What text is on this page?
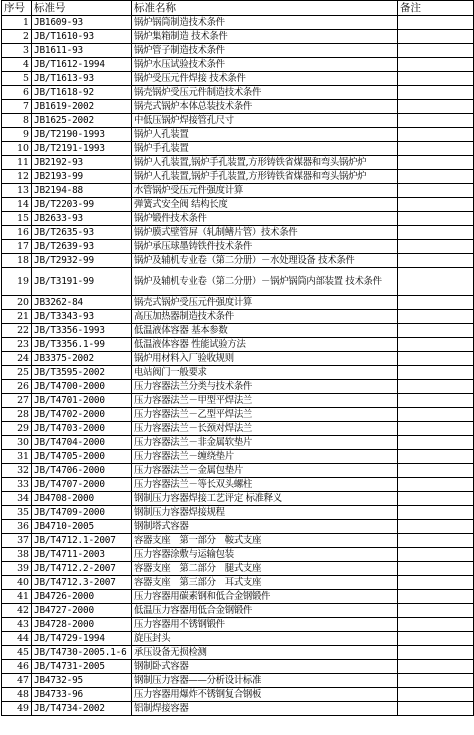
序号	标准号	标准名称	备注
1	JB1609-93	锅炉锅筒制造技术条件	
2	JB/T1610-93	锅炉集箱制造 技术条件	
3	JB1611-93	锅炉管子制造技术条件	
4	JB/T1612-1994	锅炉水压试验技术条件	
5	JB/T1613-93	锅炉受压元件焊接 技术条件	
6	JB/T1618-92	锅壳锅炉受压元件制造技术条件	
7	JB1619-2002	锅壳式锅炉本体总装技术条件	
8	JB1625-2002	中低压锅炉焊接管孔尺寸	
9	JB/T2190-1993	锅炉人孔装置	
10	JB/T2191-1993	锅炉手孔装置	
11	JB2192-93	锅炉人孔装置,锅炉手孔装置,方形铸铁省煤器和弯头锅炉炉	
12	JB2193-99	锅炉人孔装置,锅炉手孔装置,方形铸铁省煤器和弯头锅炉炉	
13	JB2194-88	水管锅炉受压元件强度计算	
14	JB/T2203-99	弹簧式安全阀 结构长度	
15	JB2633-93	锅炉锻件技术条件	
16	JB/T2635-93	锅炉膜式壁管屏（轧制鳍片管）技术条件	
17	JB/T2639-93	锅炉承压球墨铸铁件技术条件	
18	JB/T2932-99	锅炉及辅机专业卷（第二分册）－水处理设备 技术条件	
19	JB/T3191-99	锅炉及辅机专业卷（第二分册）－锅炉锅筒内部装置 技术条件	
20	JB3262-84	锅壳式锅炉受压元件强度计算	
21	JB/T3343-93	高压加热器制造技术条件	
22	JB/T3356-1993	低温液体容器 基本参数	
23	JB/T3356.1-99	低温液体容器 性能试验方法	
24	JB3375-2002	锅炉用材料入厂验收规则	
25	JB/T3595-2002	电站阀门一般要求	
26	JB/T4700-2000	压力容器法兰分类与技术条件	
27	JB/T4701-2000	压力容器法兰－甲型平焊法兰	
28	JB/T4702-2000	压力容器法兰－乙型平焊法兰	
29	JB/T4703-2000	压力容器法兰－长颈对焊法兰	
30	JB/T4704-2000	压力容器法兰－非金属软垫片	
31	JB/T4705-2000	压力容器法兰－缠绕垫片	
32	JB/T4706-2000	压力容器法兰－金属包垫片	
33	JB/T4707-2000	压力容器法兰－等长双头螺柱	
34	JB4708-2000	钢制压力容器焊接工艺评定 标准释义	
35	JB/T4709-2000	钢制压力容器焊接规程	
36	JB4710-2005	钢制塔式容器	
37	JB/T4712.1-2007	容器支座　第一部分　鞍式支座	
38	JB/T4711-2003	压力容器涂敷与运输包装	
39	JB/T4712.2-2007	容器支座　第二部分　腿式支座	
40	JB/T4712.3-2007	容器支座　第三部分　耳式支座	
41	JB4726-2000	压力容器用碳素钢和低合金钢锻件	
42	JB4727-2000	低温压力容器用低合金钢锻件	
43	JB4728-2000	压力容器用不锈钢锻件	
44	JB/T4729-1994	旋压封头	
45	JB/T4730-2005.1-6	承压设备无损检测	
46	JB/T4731-2005	钢制卧式容器	
47	JB4732-95	钢制压力容器——分析设计标准	
48	JB4733-96	压力容器用爆炸不锈钢复合钢板	
49	JB/T4734-2002	铝制焊接容器	
